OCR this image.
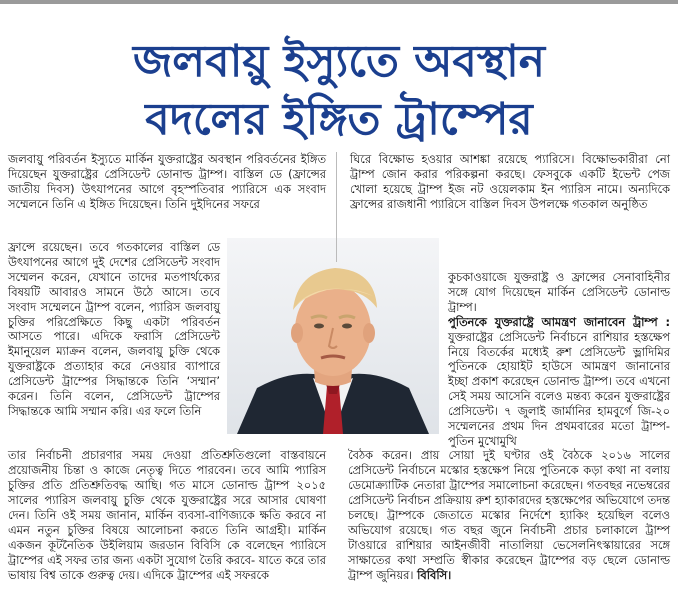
জলবায়ু ইস্যুতে অবস্থান
বদলের ইঙ্গিত ট্রাম্পের

জলবায়ু পরিবর্তন ইস্যুতে মার্কিন যুক্তরাষ্ট্রের অবস্থান পরিবর্তনের ইঙ্গিত দিয়েছেন যুক্তরাষ্ট্রের প্রেসিডেন্ট ডোনাল্ড ট্রাম্প। বাস্তিল ডে (ফ্রান্সের জাতীয় দিবস) উৎযাপনের আগে বৃহস্পতিবার প্যারিসে এক সংবাদ সম্মেলনে তিনি এ ইঙ্গিত দিয়েছেন। তিনি দুইদিনের সফরে

ফ্রান্সে রয়েছেন। তবে গতকালের বাস্তিল ডে উৎযাপনের আগে দুই দেশের প্রেসিডেন্ট সংবাদ সম্মেলন করেন, যেখানে তাদের মতপার্থক্যের বিষয়টি আবারও সামনে উঠে আসে। তবে সংবাদ সম্মেলনে ট্রাম্প বলেন, প্যারিস জলবায়ু চুক্তির পরিপ্রেক্ষিতে কিছু একটা পরিবর্তন আসতে পারে। এদিকে ফরাসি প্রেসিডেন্ট ইমানুয়েল ম্যাক্রন বলেন, জলবায়ু চুক্তি থেকে যুক্তরাষ্ট্রকে প্রত্যাহার করে নেওয়ার ব্যাপারে প্রেসিডেন্ট ট্রাম্পের সিদ্ধান্তকে তিনি ‘সম্মান’ করেন। তিনি বলেন, প্রেসিডেন্ট ট্রাম্পের সিদ্ধান্তকে আমি সম্মান করি। এর ফলে তিনি

ঘিরে বিক্ষোভ হওয়ার আশঙ্কা রয়েছে প্যারিসে। বিক্ষোভকারীরা নো ট্রাম্প জোন করার পরিকল্পনা করছে। ফেসবুকে একটি ইভেন্ট পেজ খোলা হয়েছে ট্রাম্প ইজ নট ওয়েলকাম ইন প্যারিস নামে। অন্যদিকে ফ্রান্সের রাজধানী প্যারিসে বাস্তিল দিবস উপলক্ষে গতকাল অনুষ্ঠিত

কুচকাওয়াজে যুক্তরাষ্ট্র ও ফ্রান্সের সেনাবাহিনীর সঙ্গে যোগ দিয়েছেন মার্কিন প্রেসিডেন্ট ডোনাল্ড ট্রাম্প।

পুতিনকে যুক্তরাষ্ট্রে আমন্ত্রণ জানাবেন ট্রাম্প : যুক্তরাষ্ট্রের প্রেসিডেন্ট নির্বাচনে রাশিয়ার হস্তক্ষেপ নিয়ে বিতর্কের মধ্যেই রুশ প্রেসিডেন্ট ভ্লাদিমির পুতিনকে হোয়াইট হাউসে আমন্ত্রণ জানানোর ইচ্ছা প্রকাশ করেছেন ডোনাল্ড ট্রাম্প। তবে এখনো সেই সময় আসেনি বলেও মন্তব্য করেন যুক্তরাষ্ট্রের প্রেসিডেন্ট। ৭ জুলাই জার্মানির হামবুর্গে জি-২০ সম্মেলনের প্রথম দিন প্রথমবারের মতো ট্রাম্প-পুতিন মুখোমুখি

তার নির্বাচনী প্রচারণার সময় দেওয়া প্রতিশ্রুতিগুলো বাস্তবায়নে প্রয়োজনীয় চিন্তা ও কাজে নেতৃত্ব দিতে পারবেন। তবে আমি প্যারিস চুক্তির প্রতি প্রতিশ্রুতিবদ্ধ আছি। গত মাসে ডোনাল্ড ট্রাম্প ২০১৫ সালের প্যারিস জলবায়ু চুক্তি থেকে যুক্তরাষ্ট্রের সরে আসার ঘোষণা দেন। তিনি ওই সময় জানান, মার্কিন ব্যবসা-বাণিজ্যকে ক্ষতি করবে না এমন নতুন চুক্তির বিষয়ে আলোচনা করতে তিনি আগ্রহী। মার্কিন একজন কূটনৈতিক উইলিয়াম জরডান বিবিসি কে বলেছেন প্যারিসে ট্রাম্পের এই সফর তার জন্য একটা সুযোগ তৈরি করবে- যাতে করে তার ভাষায় বিশ্ব তাকে গুরুত্ব দেয়। এদিকে ট্রাম্পের এই সফরকে

বৈঠক করেন। প্রায় সোয়া দুই ঘণ্টার ওই বৈঠকে ২০১৬ সালের প্রেসিডেন্ট নির্বাচনে মস্কোর হস্তক্ষেপ নিয়ে পুতিনকে কড়া কথা না বলায় ডেমোক্র্যাটিক নেতারা ট্রাম্পের সমালোচনা করেছেন। গতবছর নভেম্বরের প্রেসিডেন্ট নির্বাচন প্রক্রিয়ায় রুশ হ্যাকারদের হস্তক্ষেপের অভিযোগে তদন্ত চলছে। ট্রাম্পকে জেতাতে মস্কোর নির্দেশে হ্যাকিং হয়েছিল বলেও অভিযোগ রয়েছে। গত বছর জুনে নির্বাচনী প্রচার চলাকালে ট্রাম্প টাওয়ারে রাশিয়ার আইনজীবী নাতালিয়া ভেসেলনিৎস্কায়ারের সঙ্গে সাক্ষাতের কথা সম্প্রতি স্বীকার করেছেন ট্রাম্পের বড় ছেলে ডোনাল্ড ট্রাম্প জুনিয়র। বিবিসি।
